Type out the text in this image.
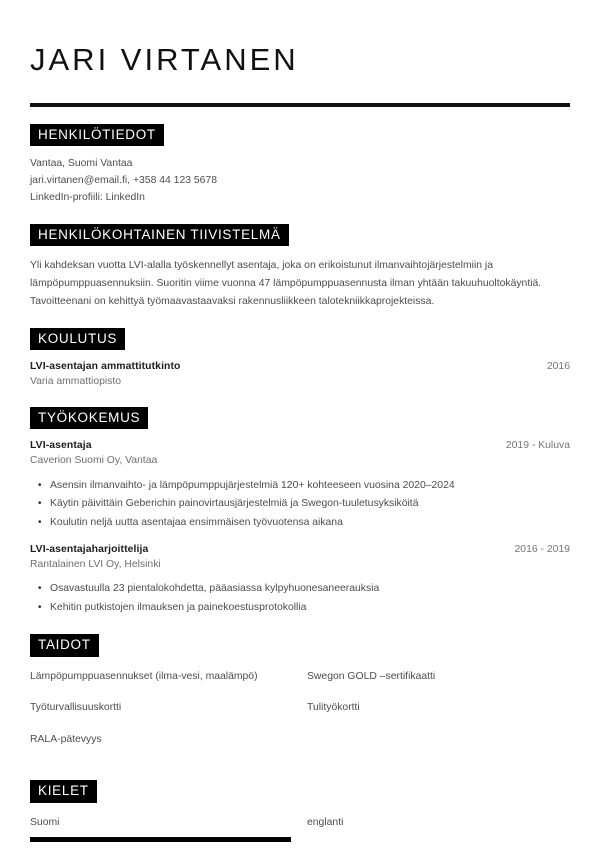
JARI VIRTANEN
HENKILÖTIEDOT
Vantaa, Suomi Vantaa
jari.virtanen@email.fi, +358 44 123 5678
LinkedIn-profiili: LinkedIn
HENKILÖKOHTAINEN TIIVISTELMÄ
Yli kahdeksan vuotta LVI-alalla työskennellyt asentaja, joka on erikoistunut ilmanvaihtojärjestelmiin ja lämpöpumppuasennuksiin. Suoritin viime vuonna 47 lämpöpumppuasennusta ilman yhtään takuuhuoltokäyntiä. Tavoitteenani on kehittyä työmaavastaavaksi rakennusliikkeen talotekniikkaprojekteissa.
KOULUTUS
LVI-asentajan ammattitutkinto	2016
Varia ammattiopisto
TYÖKOKEMUS
LVI-asentaja	2019 - Kuluva
Caverion Suomi Oy, Vantaa
• Asensin ilmanvaihto- ja lämpöpumppujärjestelmiä 120+ kohteeseen vuosina 2020–2024
• Käytin päivittäin Geberichin painovirtausjärjestelmiä ja Swegon-tuuletusyksiköitä
• Koulutin neljä uutta asentajaa ensimmäisen työvuotensa aikana
LVI-asentajaharjoittelija	2016 - 2019
Rantalainen LVI Oy, Helsinki
• Osavastuulla 23 pientalokohdetta, pääasiassa kylpyhuonesaneerauksia
• Kehitin putkistojen ilmauksen ja painekoestusprotokollia
TAIDOT
Lämpöpumppuasennukset (ilma-vesi, maalämpö)	Swegon GOLD –sertifikaatti
Työturvallisuuskortti	Tulityökortti
RALA-pätevyys
KIELET
Suomi	englanti
